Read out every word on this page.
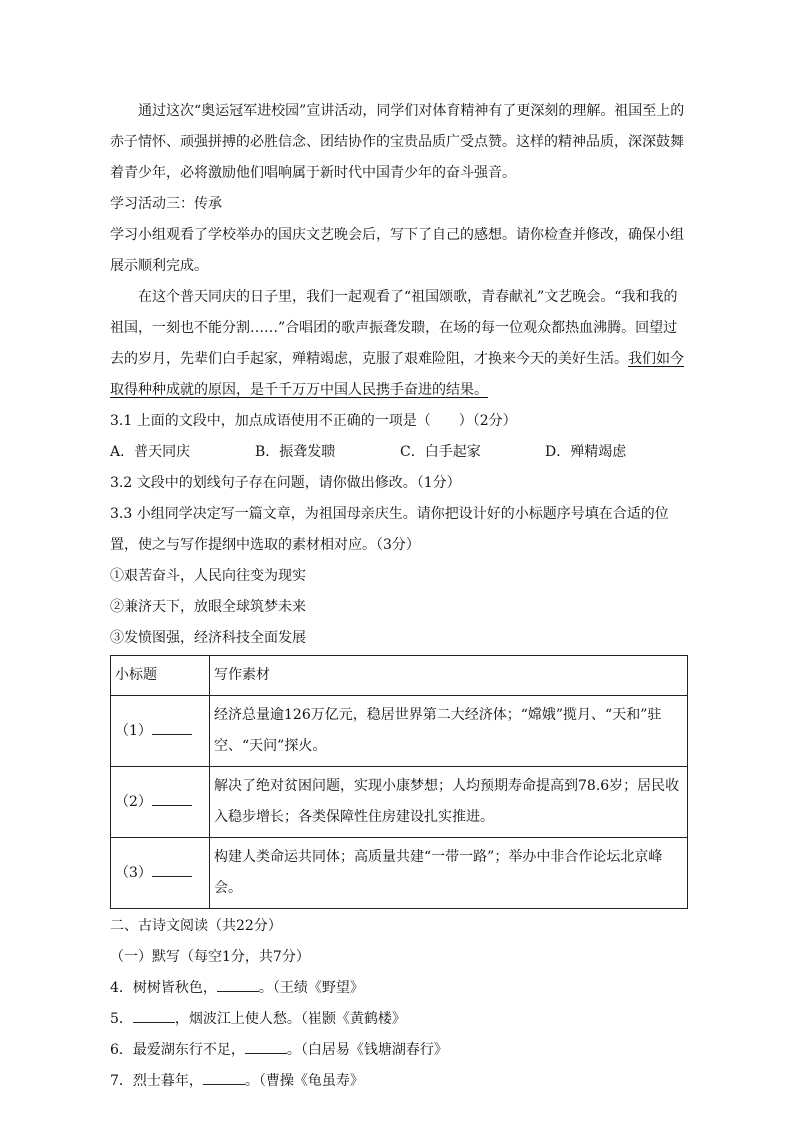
通过这次“奥运冠军进校园”宣讲活动，同学们对体育精神有了更深刻的理解。祖国至上的赤子情怀、顽强拼搏的必胜信念、团结协作的宝贵品质广受点赞。这样的精神品质，深深鼓舞着青少年，必将激励他们唱响属于新时代中国青少年的奋斗强音。

学习活动三：传承

学习小组观看了学校举办的国庆文艺晚会后，写下了自己的感想。请你检查并修改，确保小组展示顺利完成。

在这个普天同庆的日子里，我们一起观看了“祖国颂歌，青春献礼”文艺晚会。“我和我的祖国，一刻也不能分割……”合唱团的歌声振聋发聩，在场的每一位观众都热血沸腾。回望过去的岁月，先辈们白手起家，殚精竭虑，克服了艰难险阻，才换来今天的美好生活。我们如今取得种种成就的原因，是千千万万中国人民携手奋进的结果。

3.1 上面的文段中，加点成语使用不正确的一项是（　　）（2分）

A．普天同庆	B．振聋发聩	C．白手起家	D．殚精竭虑

3.2 文段中的划线句子存在问题，请你做出修改。（1分）

3.3 小组同学决定写一篇文章，为祖国母亲庆生。请你把设计好的小标题序号填在合适的位置，使之与写作提纲中选取的素材相对应。（3分）

①艰苦奋斗，人民向往变为现实

②兼济天下，放眼全球筑梦未来

③发愤图强，经济科技全面发展

小标题	写作素材
（1）	经济总量逾126万亿元，稳居世界第二大经济体；“嫦娥”揽月、“天和”驻空、“天问”探火。
（2）	解决了绝对贫困问题，实现小康梦想；人均预期寿命提高到78.6岁；居民收入稳步增长；各类保障性住房建设扎实推进。
（3）	构建人类命运共同体；高质量共建“一带一路”；举办中非合作论坛北京峰会。

二、古诗文阅读（共22分）

（一）默写（每空1分，共7分）

4．树树皆秋色，	。（王绩《野望》

5．	，烟波江上使人愁。（崔颢《黄鹤楼》

6．最爱湖东行不足，	。（白居易《钱塘湖春行》

7．烈士暮年，	。（曹操《龟虽寿》
